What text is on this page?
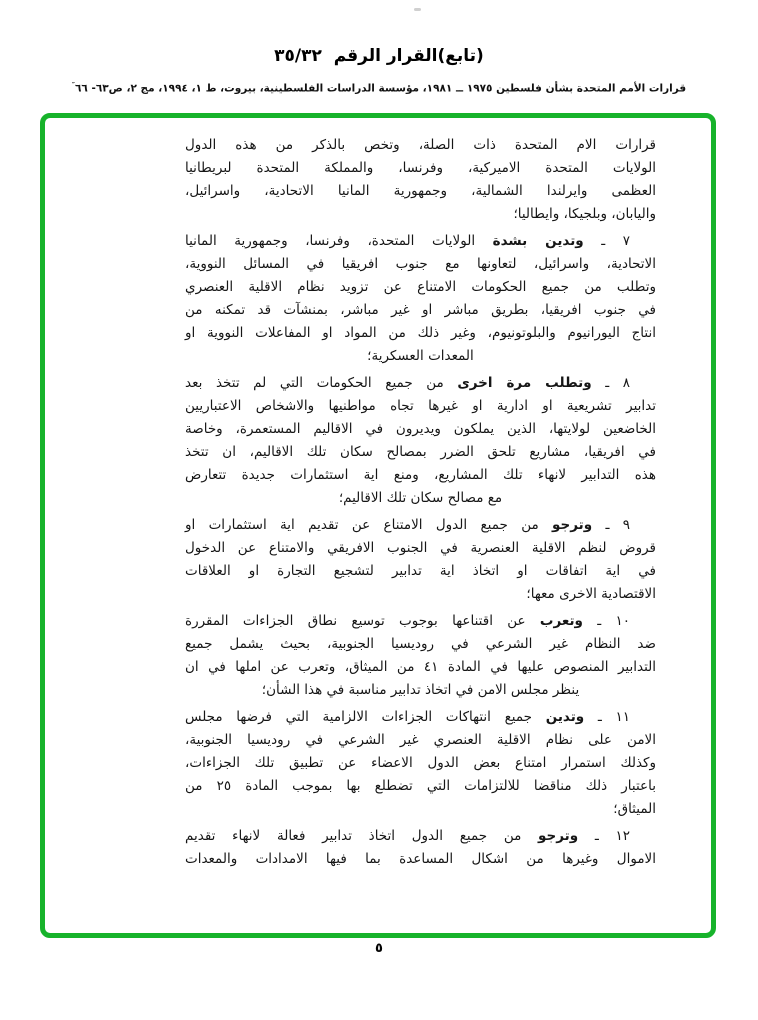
(تابع)القرار الرقم  ٣٥/٣٢
قرارات الأمم المتحدة بشأن فلسطين ١٩٧٥ ــ ١٩٨١، مؤسسة الدراسات الفلسطينية، بيروت، ط ١، ١٩٩٤، مج ٢، ص٦٣- ٦٦″
قرارات الام المتحدة ذات الصلة، وتخص بالذكر من هذه الدول
الولايات المتحدة الاميركية، وفرنسا، والمملكة المتحدة لبريطانيا
العظمى وايرلندا الشمالية، وجمهورية المانيا الاتحادية، واسرائيل،
واليابان، وبلجيكا، وايطاليا؛
٧ ـ وتدين بشدة الولايات المتحدة، وفرنسا، وجمهورية المانيا
الاتحادية، واسرائيل، لتعاونها مع جنوب افريقيا في المسائل النووية،
وتطلب من جميع الحكومات الامتناع عن تزويد نظام الاقلية العنصري
في جنوب افريقيا، بطريق مباشر او غير مباشر، بمنشآت قد تمكنه من
انتاج اليورانيوم والبلوتونيوم، وغير ذلك من المواد او المفاعلات النووية او
المعدات العسكرية؛
٨ ـ وتطلب مرة اخرى من جميع الحكومات التي لم تتخذ بعد
تدابير تشريعية او ادارية او غيرها تجاه مواطنيها والاشخاص الاعتباريين
الخاضعين لولايتها، الذين يملكون ويديرون في الاقاليم المستعمرة، وخاصة
في افريقيا، مشاريع تلحق الضرر بمصالح سكان تلك الاقاليم، ان تتخذ
هذه التدابير لانهاء تلك المشاريع، ومنع اية استثمارات جديدة تتعارض
مع مصالح سكان تلك الاقاليم؛
٩ ـ وترجو من جميع الدول الامتناع عن تقديم اية استثمارات او
قروض لنظم الاقلية العنصرية في الجنوب الافريقي والامتناع عن الدخول
في اية اتفاقات او اتخاذ اية تدابير لتشجيع التجارة او العلاقات
الاقتصادية الاخرى معها؛
١٠ ـ وتعرب عن اقتناعها بوجوب توسيع نطاق الجزاءات المقررة
ضد النظام غير الشرعي في روديسيا الجنوبية، بحيث يشمل جميع
التدابير المنصوص عليها في المادة ٤١ من الميثاق، وتعرب عن املها في ان
ينظر مجلس الامن في اتخاذ تدابير مناسبة في هذا الشأن؛
١١ ـ وتدين جميع انتهاكات الجزاءات الالزامية التي فرضها مجلس
الامن على نظام الاقلية العنصري غير الشرعي في روديسيا الجنوبية،
وكذلك استمرار امتناع بعض الدول الاعضاء عن تطبيق تلك الجزاءات،
باعتبار ذلك مناقضا للالتزامات التي تضطلع بها بموجب المادة ٢٥ من
الميثاق؛
١٢ ـ وترجو من جميع الدول اتخاذ تدابير فعالة لانهاء تقديم
الاموال وغيرها من اشكال المساعدة بما فيها الامدادات والمعدات
٥
